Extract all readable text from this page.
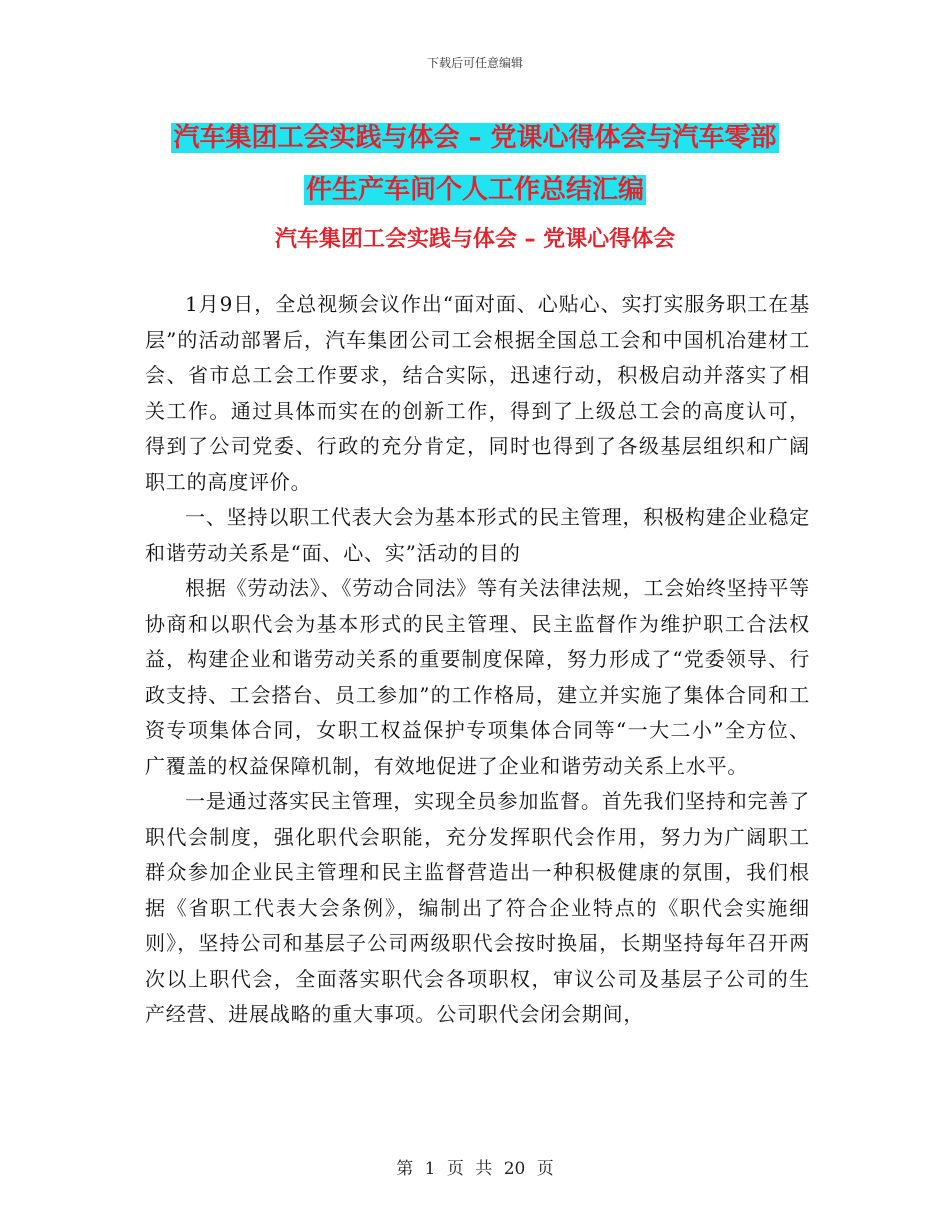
下载后可任意编辑
汽车集团工会实践与体会 – 党课心得体会与汽车零部
件生产车间个人工作总结汇编
汽车集团工会实践与体会 – 党课心得体会

1月9日，全总视频会议作出“面对面、心贴心、实打实服务职工在基层”的活动部署后，汽车集团公司工会根据全国总工会和中国机冶建材工会、省市总工会工作要求，结合实际，迅速行动，积极启动并落实了相关工作。通过具体而实在的创新工作，得到了上级总工会的高度认可，得到了公司党委、行政的充分肯定，同时也得到了各级基层组织和广阔职工的高度评价。

一、坚持以职工代表大会为基本形式的民主管理，积极构建企业稳定和谐劳动关系是“面、心、实”活动的目的

根据《劳动法》、《劳动合同法》等有关法律法规，工会始终坚持平等协商和以职代会为基本形式的民主管理、民主监督作为维护职工合法权益，构建企业和谐劳动关系的重要制度保障，努力形成了“党委领导、行政支持、工会搭台、员工参加”的工作格局，建立并实施了集体合同和工资专项集体合同，女职工权益保护专项集体合同等“一大二小”全方位、广覆盖的权益保障机制，有效地促进了企业和谐劳动关系上水平。

一是通过落实民主管理，实现全员参加监督。首先我们坚持和完善了职代会制度，强化职代会职能，充分发挥职代会作用，努力为广阔职工群众参加企业民主管理和民主监督营造出一种积极健康的氛围，我们根据《省职工代表大会条例》，编制出了符合企业特点的《职代会实施细则》，坚持公司和基层子公司两级职代会按时换届，长期坚持每年召开两次以上职代会，全面落实职代会各项职权，审议公司及基层子公司的生产经营、进展战略的重大事项。公司职代会闭会期间，

第 1 页 共 20 页
